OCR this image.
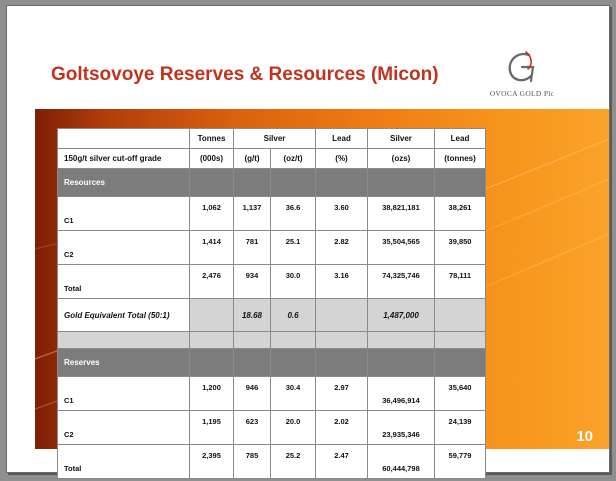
Goltsovoye Reserves & Resources (Micon)
OVOCA GOLD Plc
	Tonnes	Silver		Lead	Silver	Lead
150g/t silver cut-off grade	(000s)	(g/t)	(oz/t)	(%)	(ozs)	(tonnes)
Resources						
C1	1,062	1,137	36.6	3.60	38,821,181	38,261
C2	1,414	781	25.1	2.82	35,504,565	39,850
Total	2,476	934	30.0	3.16	74,325,746	78,111
Gold Equivalent Total (50:1)		18.68	0.6		1,487,000	

Reserves						
C1	1,200	946	30.4	2.97	36,496,914	35,640
C2	1,195	623	20.0	2.02	23,935,346	24,139
Total	2,395	785	25.2	2.47	60,444,798	59,779
10
